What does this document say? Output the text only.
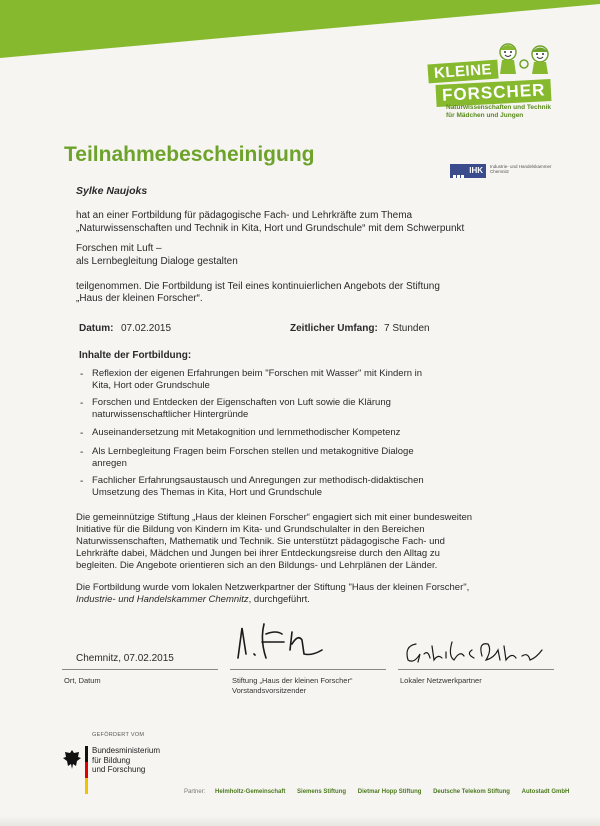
KLEINE
FORSCHER
Naturwissenschaften und Technik
für Mädchen und Jungen
Teilnahmebescheinigung
IHK	Industrie- und Handelskammer Chemnitz
Sylke Naujoks
hat an einer Fortbildung für pädagogische Fach- und Lehrkräfte zum Thema
„Naturwissenschaften und Technik in Kita, Hort und Grundschule“ mit dem Schwerpunkt
Forschen mit Luft –
als Lernbegleitung Dialoge gestalten
teilgenommen. Die Fortbildung ist Teil eines kontinuierlichen Angebots der Stiftung
„Haus der kleinen Forscher“.
Datum: 07.02.2015	Zeitlicher Umfang: 7 Stunden
Inhalte der Fortbildung:
- Reflexion der eigenen Erfahrungen beim "Forschen mit Wasser" mit Kindern in
Kita, Hort oder Grundschule
- Forschen und Entdecken der Eigenschaften von Luft sowie die Klärung
naturwissenschaftlicher Hintergründe
- Auseinandersetzung mit Metakognition und lernmethodischer Kompetenz
- Als Lernbegleitung Fragen beim Forschen stellen und metakognitive Dialoge
anregen
- Fachlicher Erfahrungsaustausch und Anregungen zur methodisch-didaktischen
Umsetzung des Themas in Kita, Hort und Grundschule
Die gemeinnützige Stiftung „Haus der kleinen Forscher“ engagiert sich mit einer bundesweiten
Initiative für die Bildung von Kindern im Kita- und Grundschulalter in den Bereichen
Naturwissenschaften, Mathematik und Technik. Sie unterstützt pädagogische Fach- und
Lehrkräfte dabei, Mädchen und Jungen bei ihrer Entdeckungsreise durch den Alltag zu
begleiten. Die Angebote orientieren sich an den Bildungs- und Lehrplänen der Länder.
Die Fortbildung wurde vom lokalen Netzwerkpartner der Stiftung "Haus der kleinen Forscher",
Industrie- und Handelskammer Chemnitz, durchgeführt.
Chemnitz, 07.02.2015
Ort, Datum	Stiftung „Haus der kleinen Forscher“
Vorstandsvorsitzender
Lokaler Netzwerkpartner
GEFÖRDERT VOM
Bundesministerium
für Bildung
und Forschung
Partner: Helmholtz-Gemeinschaft Siemens Stiftung Dietmar Hopp Stiftung Deutsche Telekom Stiftung Autostadt GmbH
